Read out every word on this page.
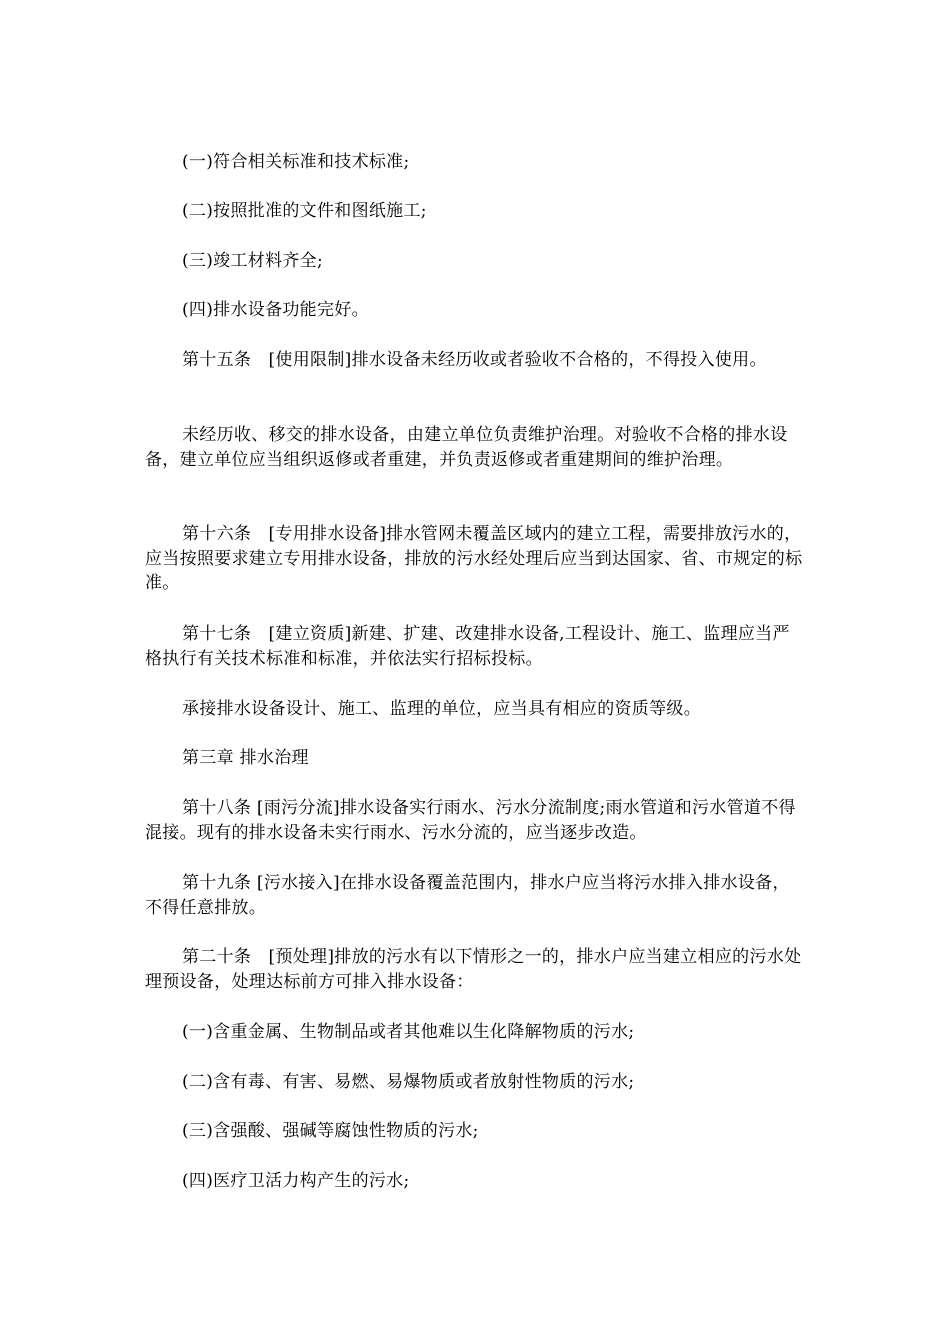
(一)符合相关标准和技术标准;

(二)按照批准的文件和图纸施工;

(三)竣工材料齐全;

(四)排水设备功能完好。

第十五条　[使用限制]排水设备未经历收或者验收不合格的，不得投入使用。

未经历收、移交的排水设备，由建立单位负责维护治理。对验收不合格的排水设备，建立单位应当组织返修或者重建，并负责返修或者重建期间的维护治理。

第十六条　[专用排水设备]排水管网未覆盖区域内的建立工程，需要排放污水的，应当按照要求建立专用排水设备，排放的污水经处理后应当到达国家、省、市规定的标准。

第十七条　[建立资质]新建、扩建、改建排水设备,工程设计、施工、监理应当严格执行有关技术标准和标准，并依法实行招标投标。

承接排水设备设计、施工、监理的单位，应当具有相应的资质等级。

第三章 排水治理

第十八条 [雨污分流]排水设备实行雨水、污水分流制度;雨水管道和污水管道不得混接。现有的排水设备未实行雨水、污水分流的，应当逐步改造。

第十九条 [污水接入]在排水设备覆盖范围内，排水户应当将污水排入排水设备，不得任意排放。

第二十条　[预处理]排放的污水有以下情形之一的，排水户应当建立相应的污水处理预设备，处理达标前方可排入排水设备：

(一)含重金属、生物制品或者其他难以生化降解物质的污水;

(二)含有毒、有害、易燃、易爆物质或者放射性物质的污水;

(三)含强酸、强碱等腐蚀性物质的污水;

(四)医疗卫活力构产生的污水;
